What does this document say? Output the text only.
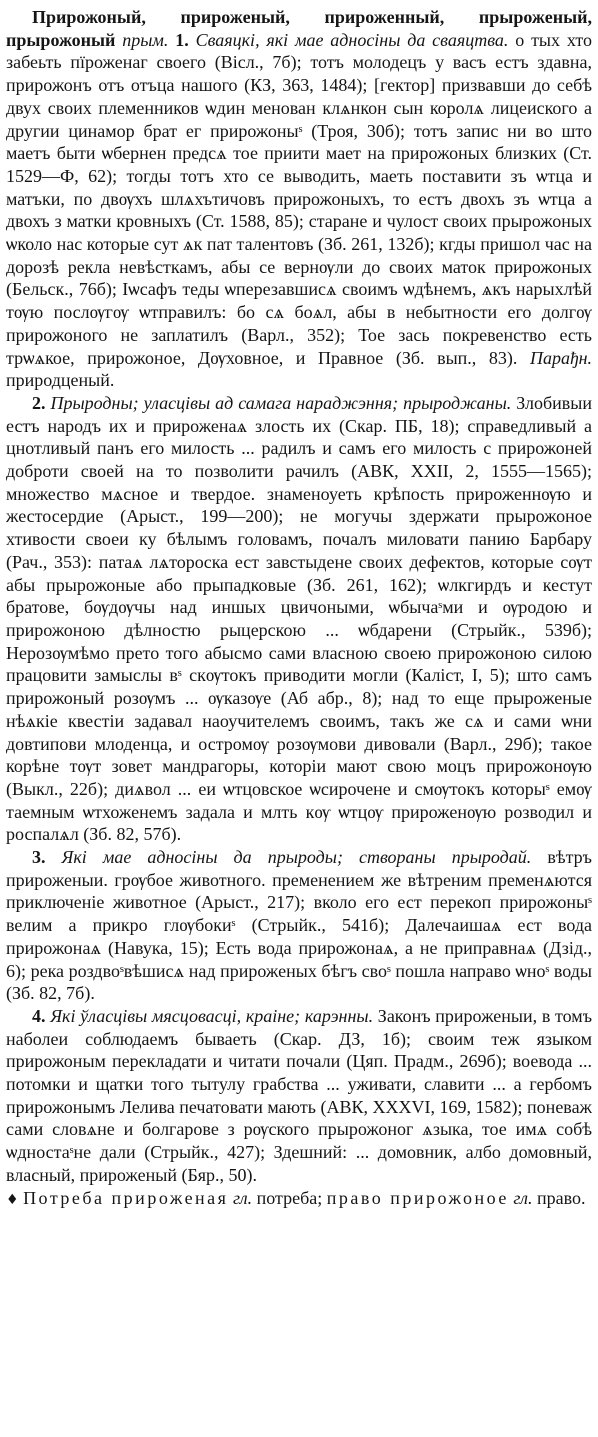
Прирожоный, прироженый, прироженный, прыроженый, прырожоный прым. 1. Сваяцкі, які мае адносіны да сваяцтва. о тых хто забеьть пїроженаг своего (Вісл., 7б); тотъ молодецъ у васъ естъ здавна, прирожонъ отъ отъца нашого (КЗ, 363, 1484); [гектор] призвавши до себѣ двух своих племенников ѡдин менован клѧнкон сын королѧ лицеиского а другии цинамор брат ег прирожоныˢ (Троя, 30б); тотъ запис ни во што маетъ быти ѡбернен предсѧ тое приити мает на прирожоных близких (Ст. 1529—Ф, 62); тогды тотъ хто се выводить, маеть поставити зъ ѡтца и матъки, по двѹхъ шлѧхътичовъ прирожоныхъ, то естъ двохъ зъ ѡтца а двохъ з матки кровныхъ (Ст. 1588, 85); старане и чулост своих прырожоных ѡколо нас которые сут ѧк пат талентовъ (Зб. 261, 132б); кгды пришол час на дорозѣ рекла невѣсткамъ, абы се вернѹли до своих маток прирожоных (Бельск., 76б); Іѡсафъ теды ѡперезавшисѧ своимъ ѡдѣнемъ, ѧкъ нарыхлѣй тѹю послѹгѹ ѡтправилъ: бо сѧ боѧл, абы в небытности его долгѹ прирожоного не заплатилъ (Варл., 352); Тое зась покревенство есть трѡѧкое, прирожоное, Дѹховное, и Правное (Зб. вып., 83). Парађн. природценый.

2. Прыродны; уласцівы ад самага нараджэння; прыроджаны. Злобивыи естъ народъ их и прироженаѧ злость их (Скар. ПБ, 18); справедливый а цнотливый панъ его милость ... радилъ и самъ его милость с прирожоней доброти своей на то позволити рачилъ (АВК, XXII, 2, 1555—1565); множество мѧсное и твердое. знаменоуеть крѣпость прироженнѹю и жестосердие (Арыст., 199—200); не могучы здержати прырожоное хтивости своеи ку бѣлымъ головамъ, почалъ миловати панию Барбару (Рач., 353): пaтaѧ лѧторoска ест завстыдене своих дефектов, которые сѹт абы прырожоные або прыпадковые (Зб. 261, 162); ѡлкгирдъ и кестут братове, бѹдѹчы над иншых цвичоными, ѡбычаˢми и ѹродою и прирожоною дѣлностю рыцерскою ... ѡбдарени (Стрыйк., 539б); Нерозѹмѣмо прето того абысмо сами власною своею прирожоною силою працовити замыслы вˢ скѹтокъ приводити могли (Каліст, I, 5); што самъ прирожоный розѹмъ ... ѹказѹе (Аб абр., 8); над то еще прыроженые нѣѧкіе квестіи задавал наоучителемъ своимъ, такъ же сѧ и сами ѡни довтипови млоденца, и остромѹ розѹмови дивовали (Варл., 29б); такое корѣне тѹт зовет мандрагоры, которіи мают свою моцъ прирожонѹю (Выкл., 22б); диѧвол ... еи ѡтцовское ѡсирочене и смѹтокъ которыˢ емѹ таемным ѡтхоженемъ задала и млть кѹ ѡтцѹ прироженѹю розводил и роспалѧл (Зб. 82, 57б).

3. Які мае адносіны да прыроды; створаны прыродай. вѣтръ прироженыи. грѹбое животного. пременением же вѣтреним пременѧются приключеніе животное (Арыст., 217); вколо его ест перекоп прирожоныˢ велим а прикро глѹбокиˢ (Стрыйк., 541б); Далечаишаѧ ест вода прирожонаѧ (Навука, 15); Есть вода прирожонаѧ, а не приправнаѧ (Дзід., 6); река роздвоˢвѣшисѧ над прироженых бѣгъ своˢ пошла направо ѡноˢ воды (Зб. 82, 7б).

4. Які ўласцівы мясцовасці, краіне; карэнны. Законъ прироженыи, в томъ наболеи соблюдаемъ бываеть (Скар. ДЗ, 1б); своим теж языком прирожоным перекладати и читати почали (Цяп. Прадм., 269б); воевода ... потомки и щатки того тытулу грабства ... уживати, славити ... а гербомъ прирожонымъ Лелива печатовати мають (АВК, XXXVI, 169, 1582); поневаж сами словѧне и болгарове з рѹского прырожоног ѧзыка, тое имѧ собѣ ѡдностаˢне дали (Стрыйк., 427); Здешний: ... домовник, албо домовный, власный, прироженый (Бяр., 50).

♦ Потреба прироженая гл. потреба; право прирожоное гл. право.
